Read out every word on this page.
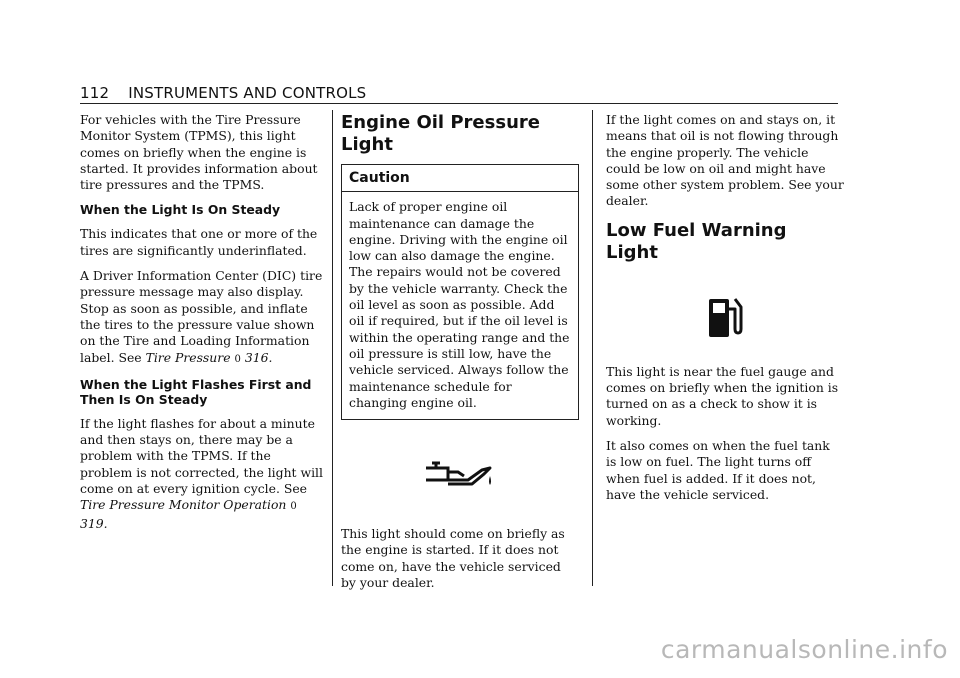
112 INSTRUMENTS AND CONTROLS

For vehicles with the Tire Pressure Monitor System (TPMS), this light comes on briefly when the engine is started. It provides information about tire pressures and the TPMS.

When the Light Is On Steady

This indicates that one or more of the tires are significantly underinflated.

A Driver Information Center (DIC) tire pressure message may also display. Stop as soon as possible, and inflate the tires to the pressure value shown on the Tire and Loading Information label. See Tire Pressure 0 316.

When the Light Flashes First and Then Is On Steady

If the light flashes for about a minute and then stays on, there may be a problem with the TPMS. If the problem is not corrected, the light will come on at every ignition cycle. See Tire Pressure Monitor Operation 0 319.

Engine Oil Pressure Light
Caution
Lack of proper engine oil maintenance can damage the engine. Driving with the engine oil low can also damage the engine. The repairs would not be covered by the vehicle warranty. Check the oil level as soon as possible. Add oil if required, but if the oil level is within the operating range and the oil pressure is still low, have the vehicle serviced. Always follow the maintenance schedule for changing engine oil.

This light should come on briefly as the engine is started. If it does not come on, have the vehicle serviced by your dealer.

If the light comes on and stays on, it means that oil is not flowing through the engine properly. The vehicle could be low on oil and might have some other system problem. See your dealer.

Low Fuel Warning Light

This light is near the fuel gauge and comes on briefly when the ignition is turned on as a check to show it is working.

It also comes on when the fuel tank is low on fuel. The light turns off when fuel is added. If it does not, have the vehicle serviced.

carmanualsonline.info
